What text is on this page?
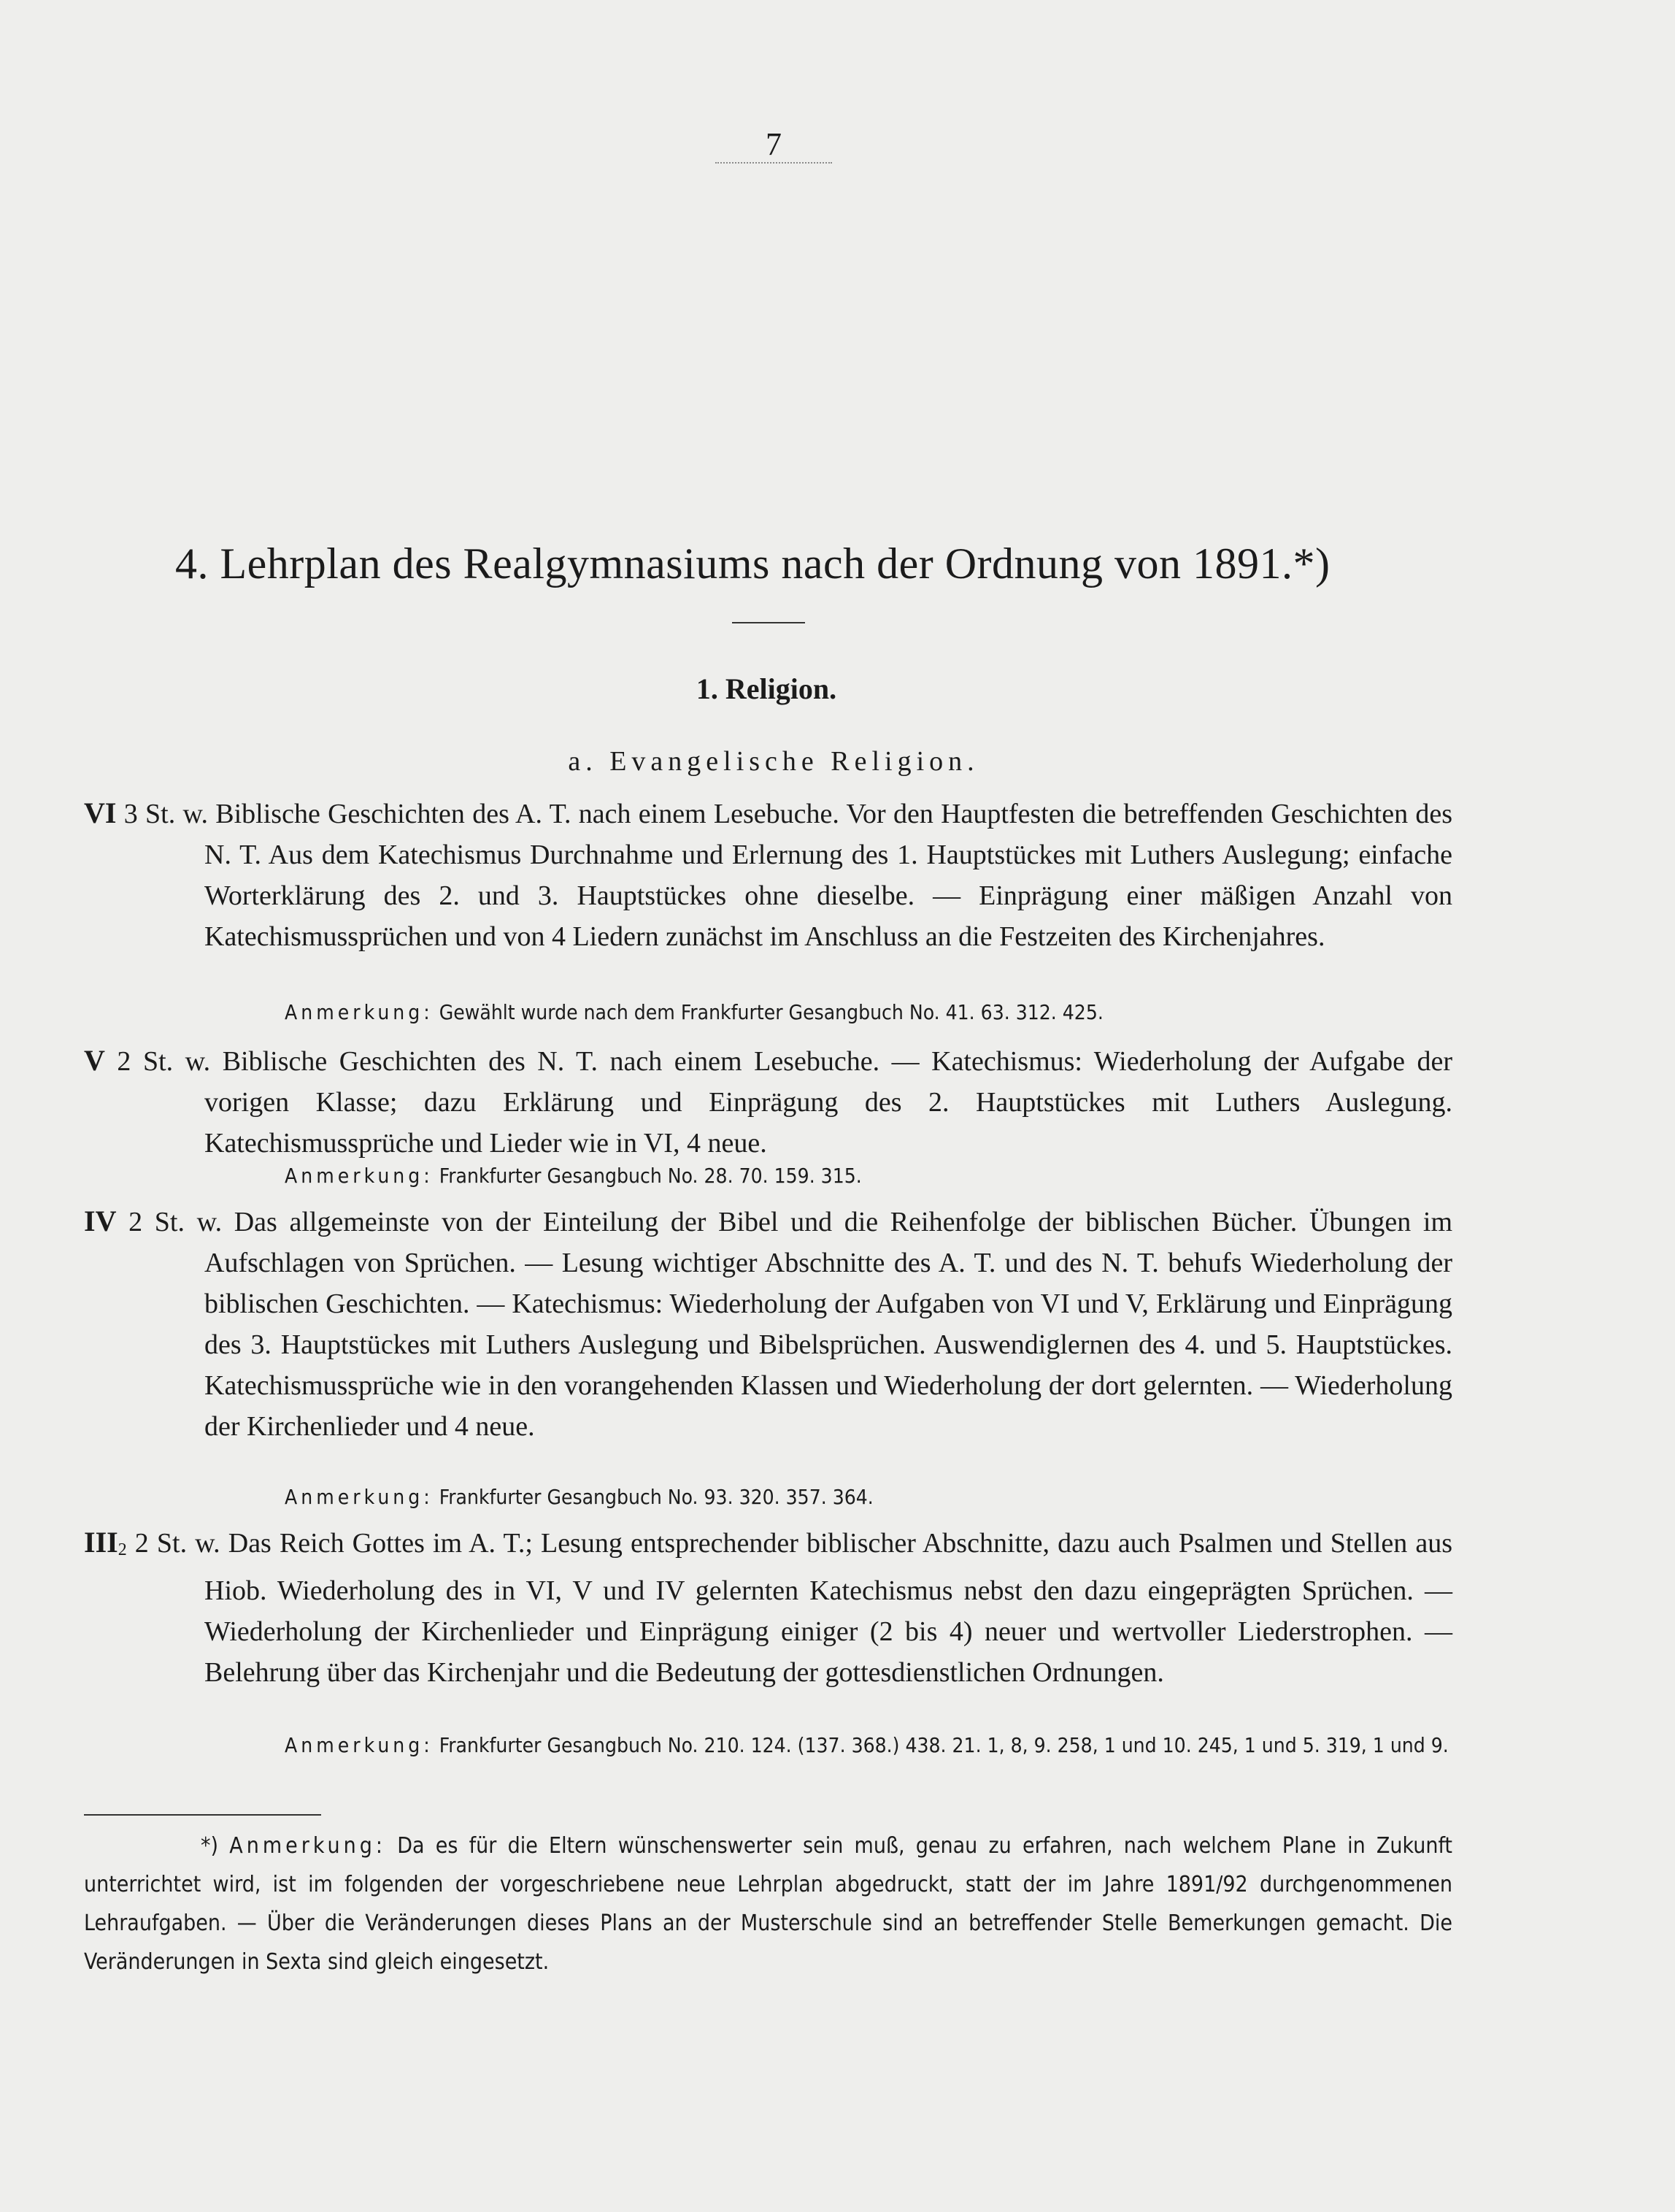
7
4. Lehrplan des Realgymnasiums nach der Ordnung von 1891.*)
1. Religion.
a. Evangelische Religion.
VI 3 St. w. Biblische Geschichten des A. T. nach einem Lesebuche. Vor den Hauptfesten die betreffenden Geschichten des N. T. Aus dem Katechismus Durchnahme und Erlernung des 1. Hauptstückes mit Luthers Auslegung; einfache Worterklärung des 2. und 3. Hauptstückes ohne dieselbe. — Einprägung einer mäßigen Anzahl von Katechismussprüchen und von 4 Liedern zunächst im Anschluss an die Festzeiten des Kirchenjahres.
Anmerkung: Gewählt wurde nach dem Frankfurter Gesangbuch No. 41. 63. 312. 425.
V 2 St. w. Biblische Geschichten des N. T. nach einem Lesebuche. — Katechismus: Wiederholung der Aufgabe der vorigen Klasse; dazu Erklärung und Einprägung des 2. Hauptstückes mit Luthers Auslegung. Katechismussprüche und Lieder wie in VI, 4 neue.
Anmerkung: Frankfurter Gesangbuch No. 28. 70. 159. 315.
IV 2 St. w. Das allgemeinste von der Einteilung der Bibel und die Reihenfolge der biblischen Bücher. Übungen im Aufschlagen von Sprüchen. — Lesung wichtiger Abschnitte des A. T. und des N. T. behufs Wiederholung der biblischen Geschichten. — Katechismus: Wiederholung der Aufgaben von VI und V, Erklärung und Einprägung des 3. Hauptstückes mit Luthers Auslegung und Bibelsprüchen. Auswendiglernen des 4. und 5. Hauptstückes. Katechismussprüche wie in den vorangehenden Klassen und Wiederholung der dort gelernten. — Wiederholung der Kirchenlieder und 4 neue.
Anmerkung: Frankfurter Gesangbuch No. 93. 320. 357. 364.
$III_2$ 2 St. w. Das Reich Gottes im A. T.; Lesung entsprechender biblischer Abschnitte, dazu auch Psalmen und Stellen aus Hiob. Wiederholung des in VI, V und IV gelernten Katechismus nebst den dazu eingeprägten Sprüchen. — Wiederholung der Kirchenlieder und Einprägung einiger (2 bis 4) neuer und wertvoller Liederstrophen. — Belehrung über das Kirchenjahr und die Bedeutung der gottesdienstlichen Ordnungen.
Anmerkung: Frankfurter Gesangbuch No. 210. 124. (137. 368.) 438. 21. 1, 8, 9. 258, 1 und 10. 245, 1 und 5. 319, 1 und 9.
*) Anmerkung: Da es für die Eltern wünschenswerter sein muß, genau zu erfahren, nach welchem Plane in Zukunft unterrichtet wird, ist im folgenden der vorgeschriebene neue Lehrplan abgedruckt, statt der im Jahre 1891/92 durchgenommenen Lehraufgaben. — Über die Veränderungen dieses Plans an der Musterschule sind an betreffender Stelle Bemerkungen gemacht. Die Veränderungen in Sexta sind gleich eingesetzt.
